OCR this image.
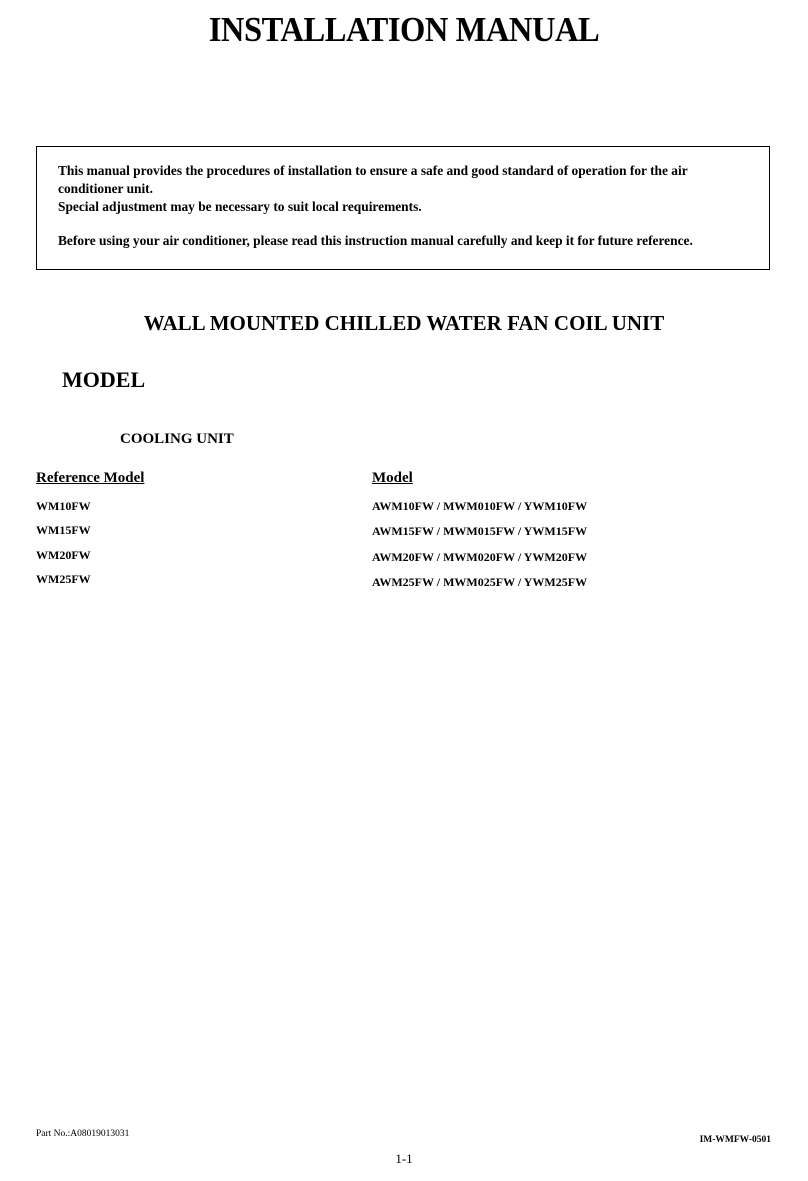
INSTALLATION MANUAL

This manual provides the procedures of installation to ensure a safe and good standard of operation for the air conditioner unit.

Special adjustment may be necessary to suit local requirements.

Before using your air conditioner, please read this instruction manual carefully and keep it for future reference.

WALL MOUNTED CHILLED WATER FAN COIL UNIT
MODEL
COOLING UNIT
Reference Model	Model
WM10FW
WM15FW
WM20FW
WM25FW
AWM10FW / MWM010FW / YWM10FW
AWM15FW / MWM015FW / YWM15FW
AWM20FW / MWM020FW / YWM20FW
AWM25FW / MWM025FW / YWM25FW
Part No.:A08019013031
IM-WMFW-0501
1-1
